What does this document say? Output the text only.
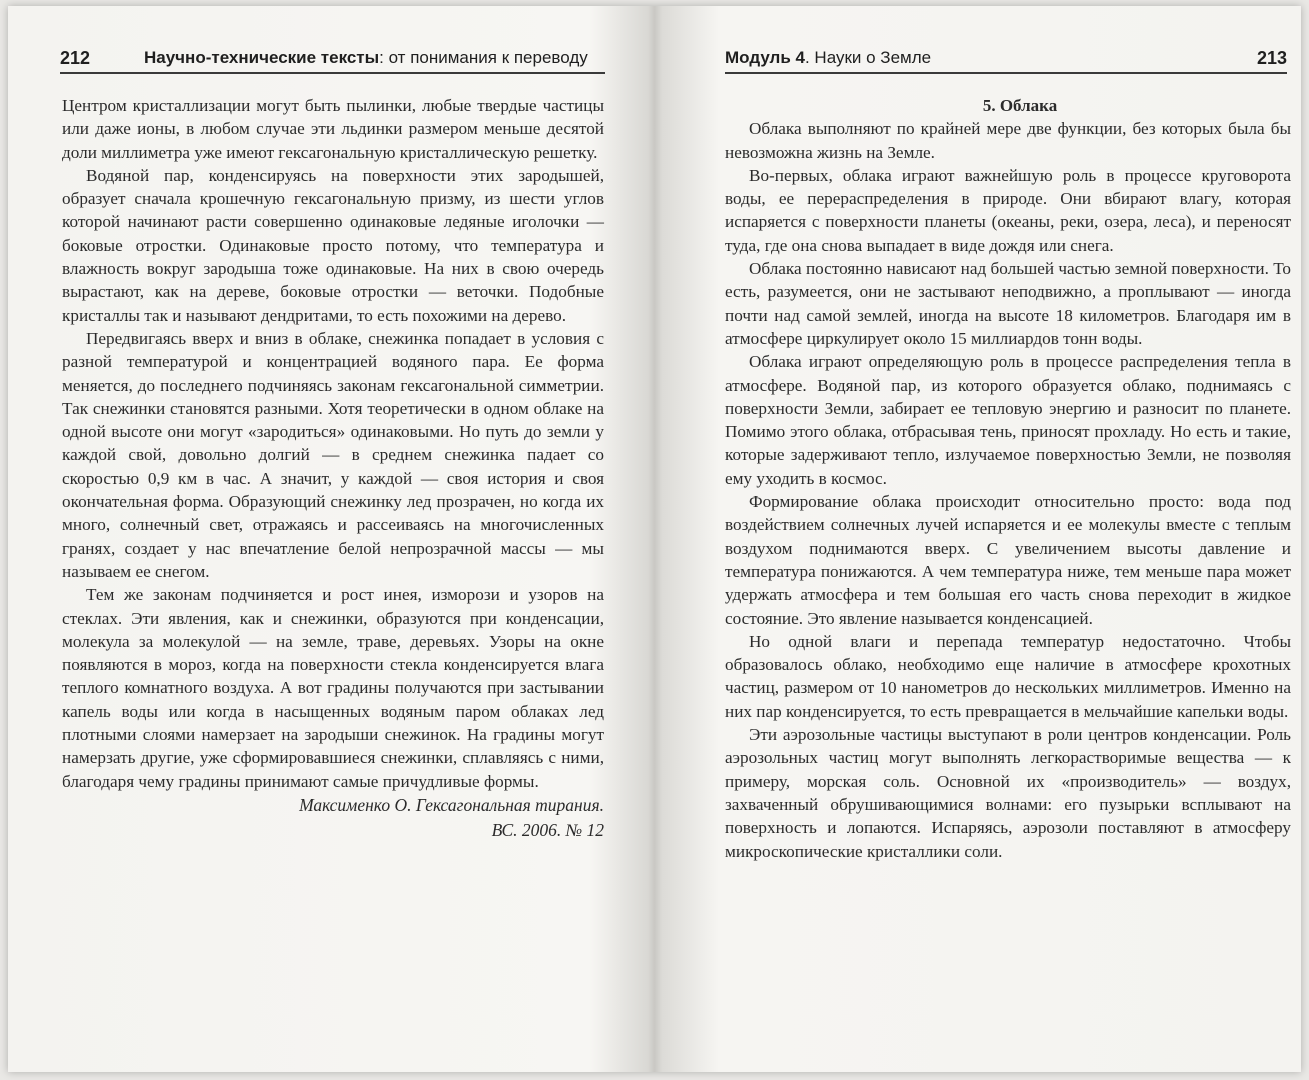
212	Научно-технические тексты: от понимания к переводу

Центром кристаллизации могут быть пылинки, любые твердые частицы или даже ионы, в любом случае эти льдинки размером меньше десятой доли миллиметра уже имеют гексагональную кристаллическую решетку.

Водяной пар, конденсируясь на поверхности этих зародышей, образует сначала крошечную гексагональную призму, из шести углов которой начинают расти совершенно одинаковые ледяные иголочки — боковые отростки. Одинаковые просто потому, что температура и влажность вокруг зародыша тоже одинаковые. На них в свою очередь вырастают, как на дереве, боковые отростки — веточки. Подобные кристаллы так и называют дендритами, то есть похожими на дерево.

Передвигаясь вверх и вниз в облаке, снежинка попадает в условия с разной температурой и концентрацией водяного пара. Ее форма меняется, до последнего подчиняясь законам гексагональной симметрии. Так снежинки становятся разными. Хотя теоретически в одном облаке на одной высоте они могут «зародиться» одинаковыми. Но путь до земли у каждой свой, довольно долгий — в среднем снежинка падает со скоростью 0,9 км в час. А значит, у каждой — своя история и своя окончательная форма. Образующий снежинку лед прозрачен, но когда их много, солнечный свет, отражаясь и рассеиваясь на многочисленных гранях, создает у нас впечатление белой непрозрачной массы — мы называем ее снегом.

Тем же законам подчиняется и рост инея, изморози и узоров на стеклах. Эти явления, как и снежинки, образуются при конденсации, молекула за молекулой — на земле, траве, деревьях. Узоры на окне появляются в мороз, когда на поверхности стекла конденсируется влага теплого комнатного воздуха. А вот градины получаются при застывании капель воды или когда в насыщенных водяным паром облаках лед плотными слоями намерзает на зародыши снежинок. На градины могут намерзать другие, уже сформировавшиеся снежинки, сплавляясь с ними, благодаря чему градины принимают самые причудливые формы.

Максименко О. Гексагональная тирания.

ВС. 2006. № 12

Модуль 4. Науки о Земле	213

5. Облака

Облака выполняют по крайней мере две функции, без которых была бы невозможна жизнь на Земле.

Во-первых, облака играют важнейшую роль в процессе круговорота воды, ее перераспределения в природе. Они вбирают влагу, которая испаряется с поверхности планеты (океаны, реки, озера, леса), и переносят туда, где она снова выпадает в виде дождя или снега.

Облака постоянно нависают над большей частью земной поверхности. То есть, разумеется, они не застывают неподвижно, а проплывают — иногда почти над самой землей, иногда на высоте 18 километров. Благодаря им в атмосфере циркулирует около 15 миллиардов тонн воды.

Облака играют определяющую роль в процессе распределения тепла в атмосфере. Водяной пар, из которого образуется облако, поднимаясь с поверхности Земли, забирает ее тепловую энергию и разносит по планете. Помимо этого облака, отбрасывая тень, приносят прохладу. Но есть и такие, которые задерживают тепло, излучаемое поверхностью Земли, не позволяя ему уходить в космос.

Формирование облака происходит относительно просто: вода под воздействием солнечных лучей испаряется и ее молекулы вместе с теплым воздухом поднимаются вверх. С увеличением высоты давление и температура понижаются. А чем температура ниже, тем меньше пара может удержать атмосфера и тем большая его часть снова переходит в жидкое состояние. Это явление называется конденсацией.

Но одной влаги и перепада температур недостаточно. Чтобы образовалось облако, необходимо еще наличие в атмосфере крохотных частиц, размером от 10 нанометров до нескольких миллиметров. Именно на них пар конденсируется, то есть превращается в мельчайшие капельки воды.

Эти аэрозольные частицы выступают в роли центров конденсации. Роль аэрозольных частиц могут выполнять легкорастворимые вещества — к примеру, морская соль. Основной их «производитель» — воздух, захваченный обрушивающимися волнами: его пузырьки всплывают на поверхность и лопаются. Испаряясь, аэрозоли поставляют в атмосферу микроскопические кристаллики соли.
